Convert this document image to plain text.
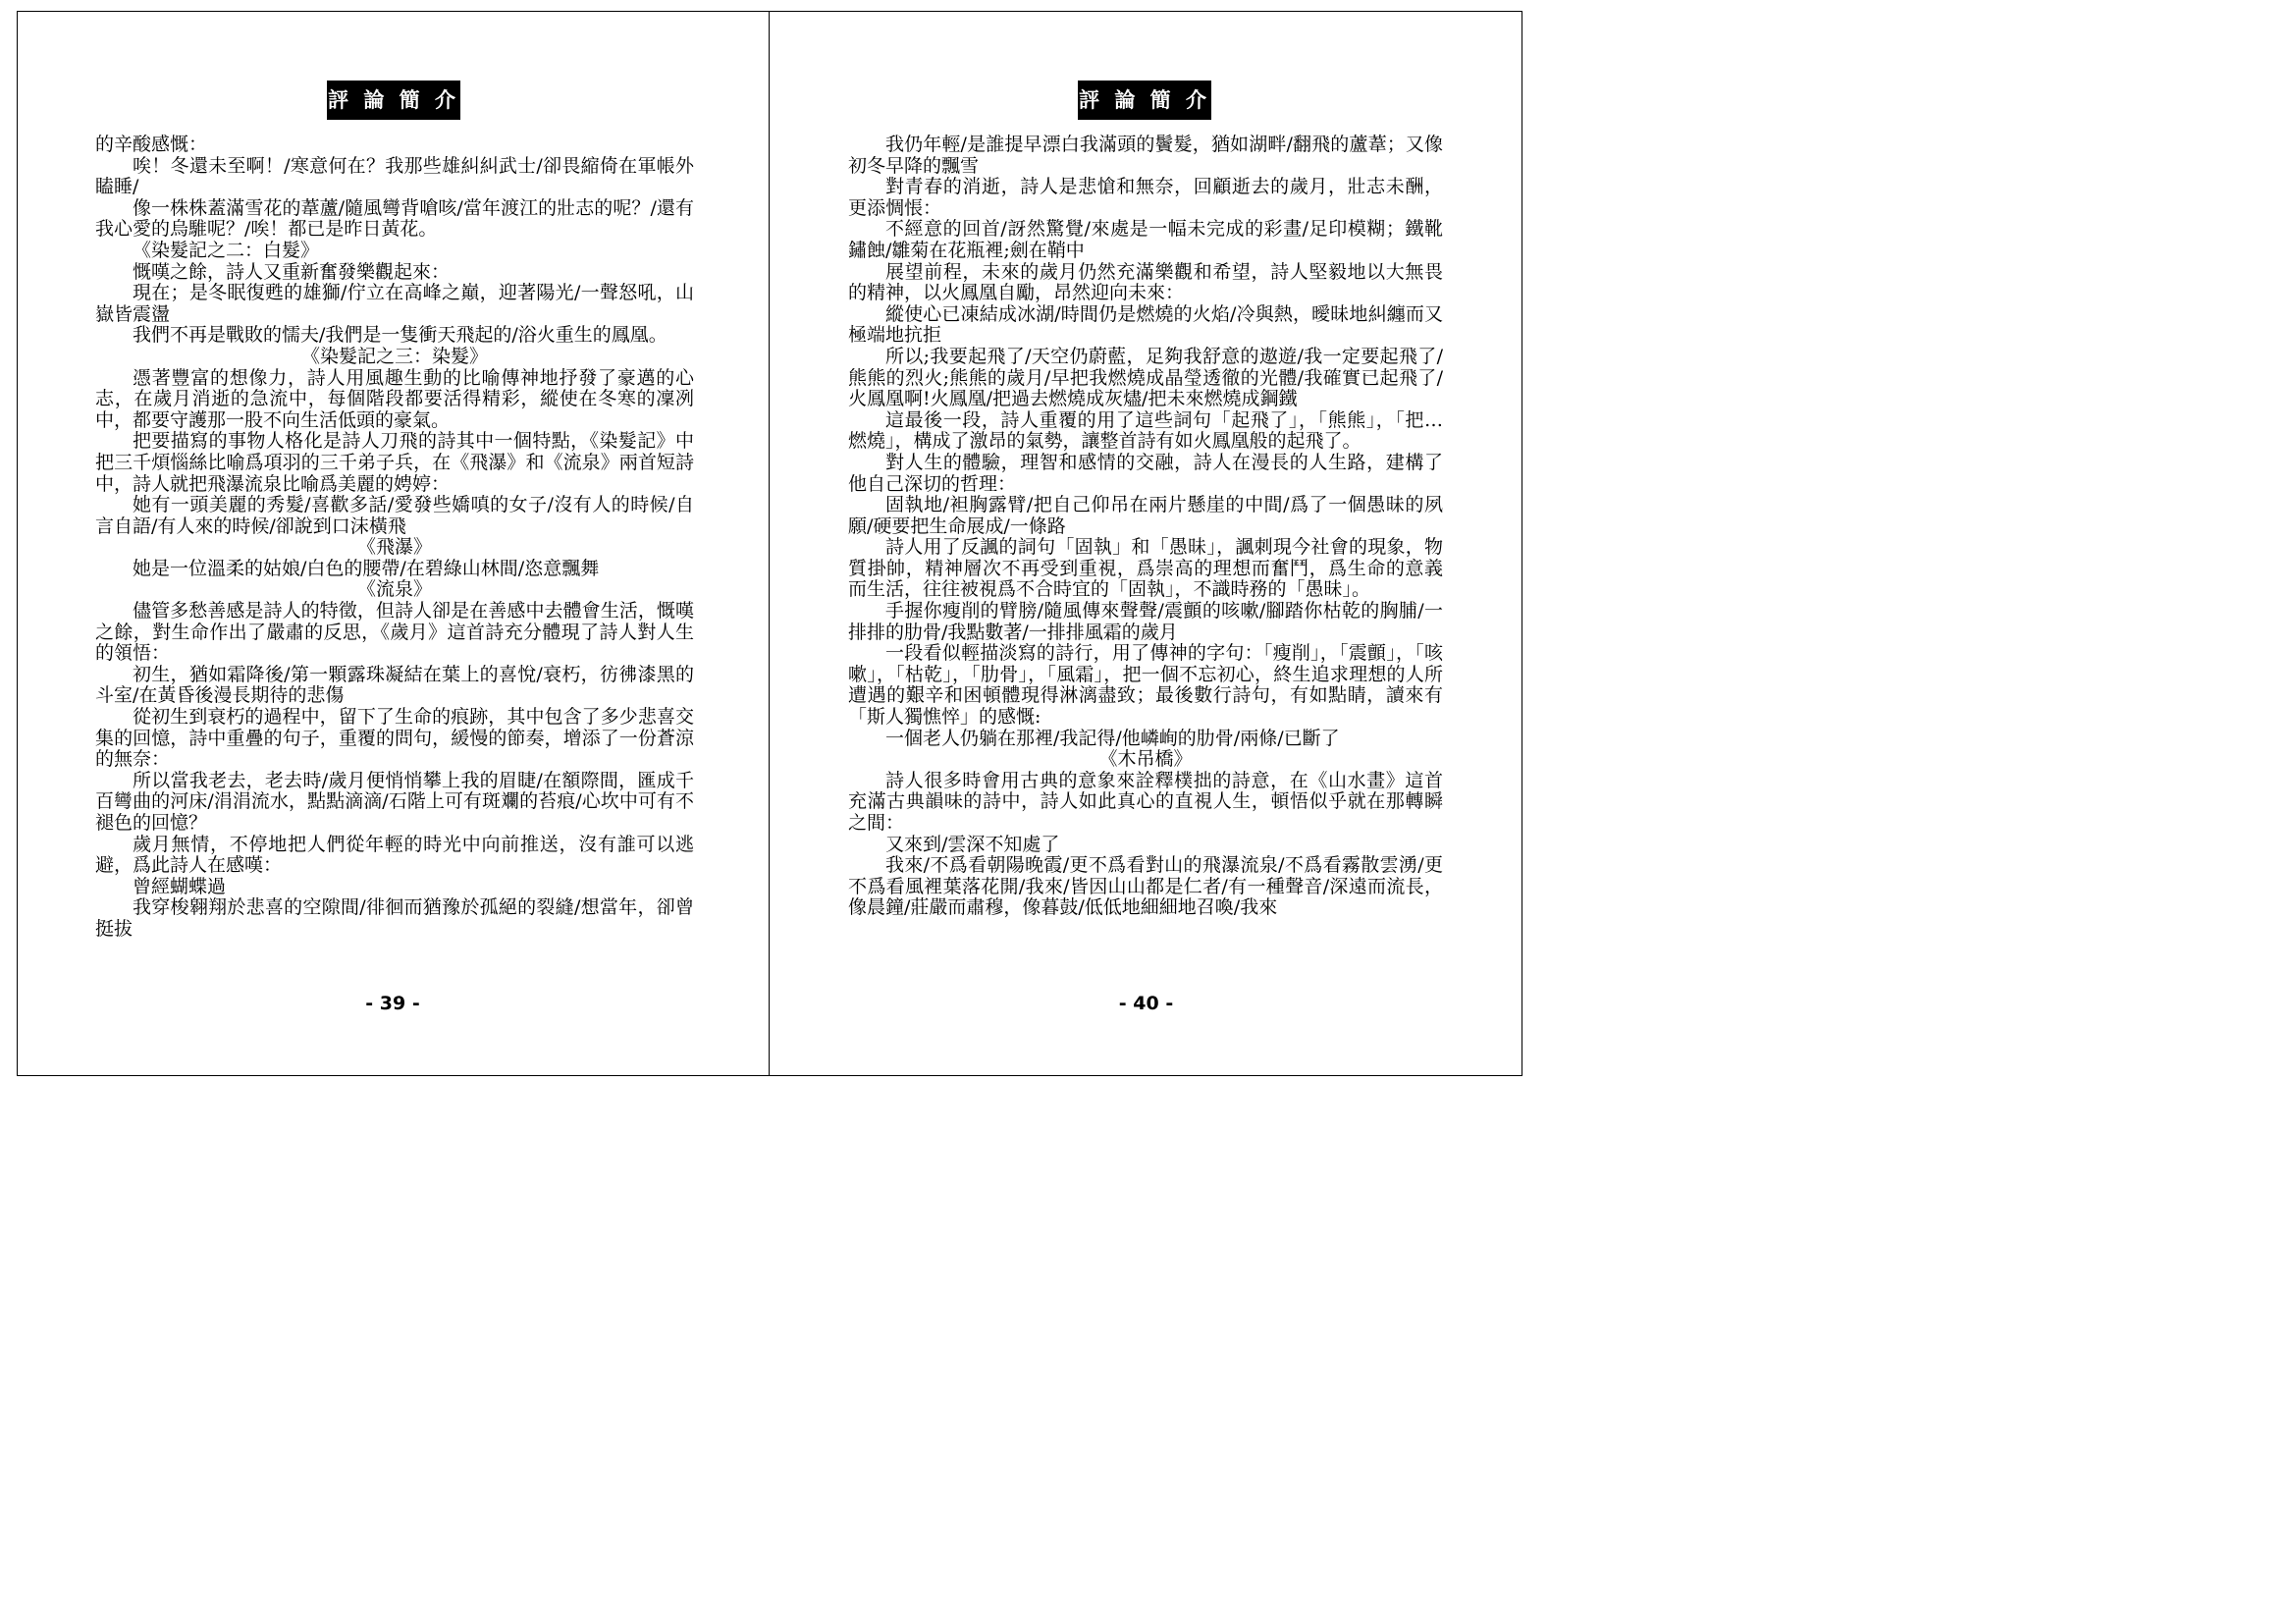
評 論 簡 介

的辛酸感慨：

唉！冬還未至啊！/寒意何在？我那些雄糾糾武士/卻畏縮倚在軍帳外瞌睡/

像一株株蓋滿雪花的葦蘆/隨風彎背嗆咳/當年渡江的壯志的呢？/還有我心愛的烏騅呢？/唉！都已是昨日黃花。

《染髮記之二：白髮》

慨嘆之餘，詩人又重新奮發樂觀起來：

現在；是冬眠復甦的雄獅/佇立在高峰之巔，迎著陽光/一聲怒吼，山嶽皆震盪

我們不再是戰敗的懦夫/我們是一隻衝天飛起的/浴火重生的鳳凰。

《染髮記之三：染髮》

憑著豐富的想像力，詩人用風趣生動的比喻傳神地抒發了豪邁的心志，在歲月消逝的急流中，每個階段都要活得精彩，縱使在冬寒的凜冽中，都要守護那一股不向生活低頭的豪氣。

把要描寫的事物人格化是詩人刀飛的詩其中一個特點，《染髮記》中把三千煩惱絲比喻爲項羽的三千弟子兵，在《飛瀑》和《流泉》兩首短詩中，詩人就把飛瀑流泉比喻爲美麗的娉婷：

她有一頭美麗的秀髮/喜歡多話/愛發些嬌嗔的女子/沒有人的時候/自言自語/有人來的時候/卻說到口沫橫飛

《飛瀑》

她是一位溫柔的姑娘/白色的腰帶/在碧綠山林間/恣意飄舞

《流泉》

儘管多愁善感是詩人的特徵，但詩人卻是在善感中去體會生活，慨嘆之餘，對生命作出了嚴肅的反思，《歲月》這首詩充分體現了詩人對人生的領悟：

初生，猶如霜降後/第一顆露珠凝結在葉上的喜悅/衰朽，彷彿漆黑的斗室/在黃昏後漫長期待的悲傷

從初生到衰朽的過程中，留下了生命的痕跡，其中包含了多少悲喜交集的回憶，詩中重疊的句子，重覆的問句，緩慢的節奏，增添了一份蒼涼的無奈：

所以當我老去，老去時/歲月便悄悄攀上我的眉睫/在額際間，匯成千百彎曲的河床/涓涓流水，點點滴滴/石階上可有斑斕的苔痕/心坎中可有不褪色的回憶？

歲月無情，不停地把人們從年輕的時光中向前推送，沒有誰可以逃避，爲此詩人在感嘆：

曾經蝴蝶過

我穿梭翱翔於悲喜的空隙間/徘徊而猶豫於孤絕的裂縫/想當年，卻曾挺拔

- 39 -
評 論 簡 介

我仍年輕/是誰提早漂白我滿頭的鬢髮，猶如湖畔/翻飛的蘆葦；又像初冬早降的飄雪

對青春的消逝，詩人是悲愴和無奈，回顧逝去的歲月，壯志未酬，更添惆悵：

不經意的回首/訝然驚覺/來處是一幅未完成的彩畫/足印模糊；鐵靴鏽蝕/雛菊在花瓶裡;劍在鞘中

展望前程，未來的歲月仍然充滿樂觀和希望，詩人堅毅地以大無畏的精神，以火鳳凰自勵，昂然迎向未來：

縱使心已凍結成冰湖/時間仍是燃燒的火焰/冷與熱，曖昧地糾纏而又極端地抗拒

所以;我要起飛了/天空仍蔚藍，足夠我舒意的遨遊/我一定要起飛了/熊熊的烈火;熊熊的歲月/早把我燃燒成晶瑩透徹的光體/我確實已起飛了/火鳳凰啊!火鳳凰/把過去燃燒成灰燼/把未來燃燒成鋼鐵

這最後一段，詩人重覆的用了這些詞句「起飛了」，「熊熊」，「把…燃燒」，構成了激昂的氣勢，讓整首詩有如火鳳凰般的起飛了。

對人生的體驗，理智和感情的交融，詩人在漫長的人生路，建構了他自己深切的哲理：

固執地/袒胸露臂/把自己仰吊在兩片懸崖的中間/爲了一個愚昧的夙願/硬要把生命展成/一條路

詩人用了反諷的詞句「固執」和「愚昧」，諷刺現今社會的現象，物質掛帥，精神層次不再受到重視，爲崇高的理想而奮鬥，爲生命的意義而生活，往往被視爲不合時宜的「固執」，不識時務的「愚昧」。

手握你瘦削的臂膀/隨風傳來聲聲/震顫的咳嗽/腳踏你枯乾的胸脯/一排排的肋骨/我點數著/一排排風霜的歲月

一段看似輕描淡寫的詩行，用了傳神的字句：「瘦削」，「震顫」，「咳嗽」，「枯乾」，「肋骨」，「風霜」，把一個不忘初心，終生追求理想的人所遭遇的艱辛和困頓體現得淋漓盡致；最後數行詩句，有如點睛，讀來有「斯人獨憔悴」的感慨:

一個老人仍躺在那裡/我記得/他嶙峋的肋骨/兩條/已斷了

《木吊橋》

詩人很多時會用古典的意象來詮釋樸拙的詩意，在《山水畫》這首充滿古典韻味的詩中，詩人如此真心的直視人生，頓悟似乎就在那轉瞬之間：

又來到/雲深不知處了

我來/不爲看朝陽晚霞/更不爲看對山的飛瀑流泉/不爲看霧散雲湧/更不爲看風裡葉落花開/我來/皆因山山都是仁者/有一種聲音/深遠而流長，像晨鐘/莊嚴而肅穆，像暮鼓/低低地細細地召喚/我來

- 40 -
